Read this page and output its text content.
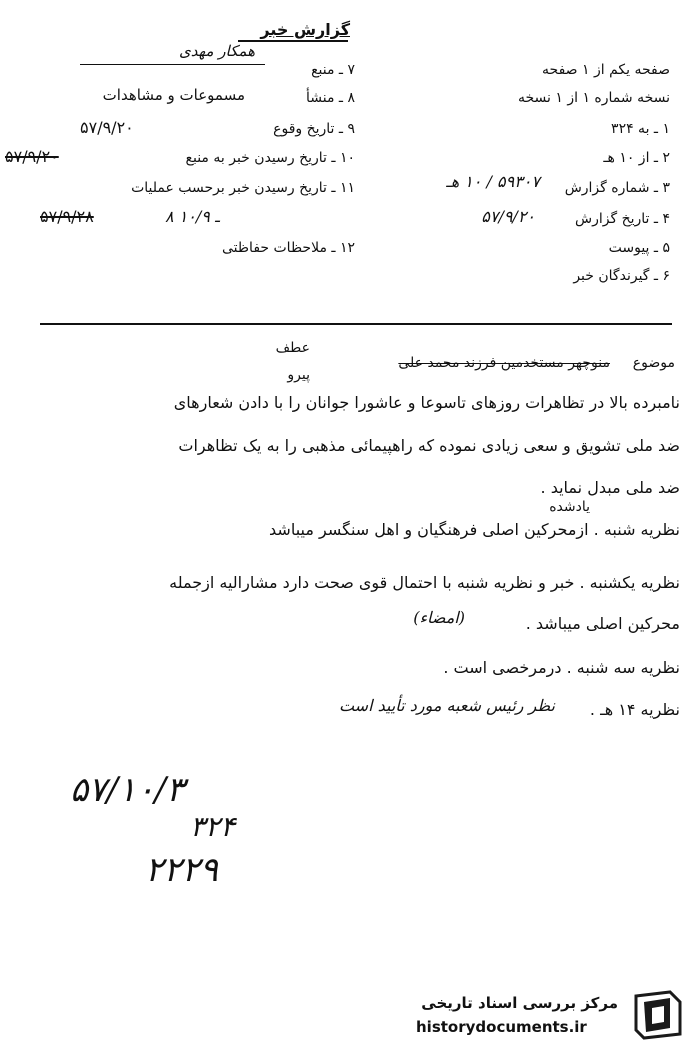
گزارش خبر
۷ ـ منبع
همکار مهدی
۸ ـ منشأ
مسموعات و مشاهدات
۹ ـ تاریخ وقوع
۵۷/۹/۲۰
۱۰ ـ تاریخ رسیدن خبر به منبع
۵۷/۹/۲۰
۱۱ ـ تاریخ رسیدن خبر برحسب عملیات
۸ ـ ۱۰/۹
۵۷/۹/۲۸
۱۲ ـ ملاحظات حفاظتی
صفحه یکم از ۱ صفحه
نسخه شماره ۱ از ۱ نسخه
۱ ـ به ۳۲۴
۲ ـ از ۱۰ هـ
۳ ـ شماره گزارش
۵۹۳۰۷ / ۱۰ هـ
۴ ـ تاریخ گزارش
۵۷/۹/۲۰
۵ ـ پیوست
۶ ـ گیرندگان خبر
عطف
پیرو
موضوع
منوچهر مستخدمین فرزند محمد علی
نامبرده بالا در تظاهرات روزهای تاسوعا و عاشورا جوانان را با دادن شعارهای
ضد ملی تشویق و سعی زیادی نموده که راهپیمائی مذهبی را به یک تظاهرات
ضد ملی مبدل نماید .
یادشده
نظریه شنبه . ازمحرکین اصلی فرهنگیان و اهل سنگسر میباشد
نظریه یکشنبه . خبر و نظریه شنبه با احتمال قوی صحت دارد مشارالیه ازجمله
محرکین اصلی میباشد .
(امضاء)
نظریه سه شنبه . درمرخصی است .
نظریه ۱۴ هـ .
نظر رئیس شعبه مورد تأیید است
۵۷/۱۰/۳
۳۲۴
۲۲۲۹
مرکز بررسی اسناد تاریخی
historydocuments.ir
